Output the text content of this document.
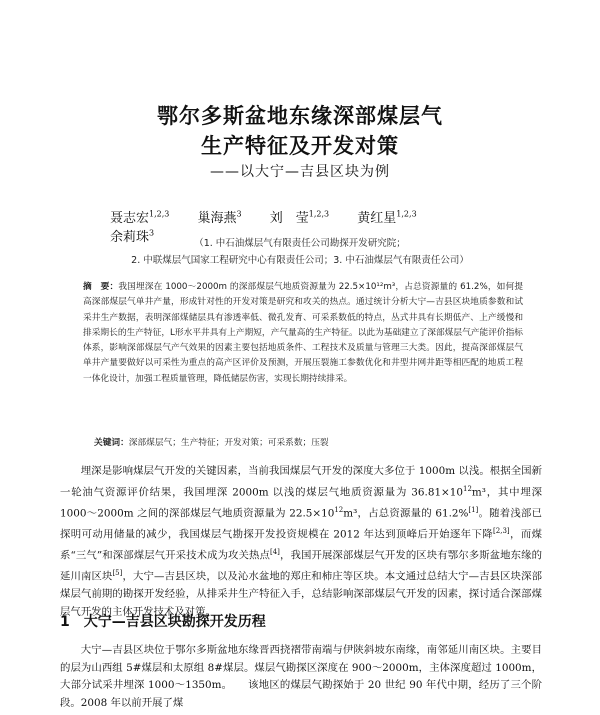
鄂尔多斯盆地东缘深部煤层气
生产特征及开发对策
——以大宁—吉县区块为例
聂志宏$^{1,2,3}$ 巢海燕$^3$ 刘　莹$^{1,2,3}$ 黄红星$^{1,2,3}$ 余莉珠$^3$
（1. 中石油煤层气有限责任公司勘探开发研究院；
2. 中联煤层气国家工程研究中心有限责任公司；3. 中石油煤层气有限责任公司）
摘　要：我国埋深在 1000～2000m 的深部煤层气地质资源量为 22.5×10¹²m³，占总资源量的 61.2%，如何提高深部煤层气单井产量，形成针对性的开发对策是研究和攻关的热点。通过统计分析大宁—吉县区块地质参数和试采井生产数据，表明深部煤储层具有渗透率低、微孔发育、可采系数低的特点，丛式井具有长期低产、上产缓慢和排采期长的生产特征，L形水平井具有上产期短，产气量高的生产特征。以此为基础建立了深部煤层气产能评价指标体系，影响深部煤层气产气效果的因素主要包括地质条件、工程技术及质量与管理三大类。因此，提高深部煤层气单井产量要做好以可采性为重点的高产区评价及预测，开展压裂施工参数优化和井型井网井距等相匹配的地质工程一体化设计，加强工程质量管理，降低储层伤害，实现长期持续排采。
关键词：深部煤层气；生产特征；开发对策；可采系数；压裂
埋深是影响煤层气开发的关键因素，当前我国煤层气开发的深度大多位于 1000m 以浅。根据全国新一轮油气资源评价结果，我国埋深 2000m 以浅的煤层气地质资源量为 $36.81\times 10^{12}m^3$，其中埋深 1000～2000m 之间的深部煤层气地质资源量为 $22.5\times 10^{12}m^3$，占总资源量的 61.2%[1]。随着浅部已探明可动用储量的减少，我国煤层气勘探开发投资规模在 2012 年达到顶峰后开始逐年下降[2,3]，而煤系“三气”和深部煤层气开采技术成为攻关热点[4]，我国开展深部煤层气开发的区块有鄂尔多斯盆地东缘的延川南区块[5]，大宁—吉县区块，以及沁水盆地的郑庄和柿庄等区块。本文通过总结大宁—吉县区块深部煤层气前期的勘探开发经验，从排采井生产特征入手，总结影响深部煤层气开发的因素，探讨适合深部煤层气开发的主体开发技术及对策。
1 大宁—吉县区块勘探开发历程
大宁—吉县区块位于鄂尔多斯盆地东缘晋西挠褶带南端与伊陕斜坡东南缘，南邻延川南区块。主要目的层为山西组 5#煤层和太原组 8#煤层。煤层气勘探区深度在 900～2000m，主体深度超过 1000m，大部分试采井埋深 1000～1350m。　　该地区的煤层气勘探始于 20 世纪 90 年代中期，经历了三个阶段。2008 年以前开展了煤
